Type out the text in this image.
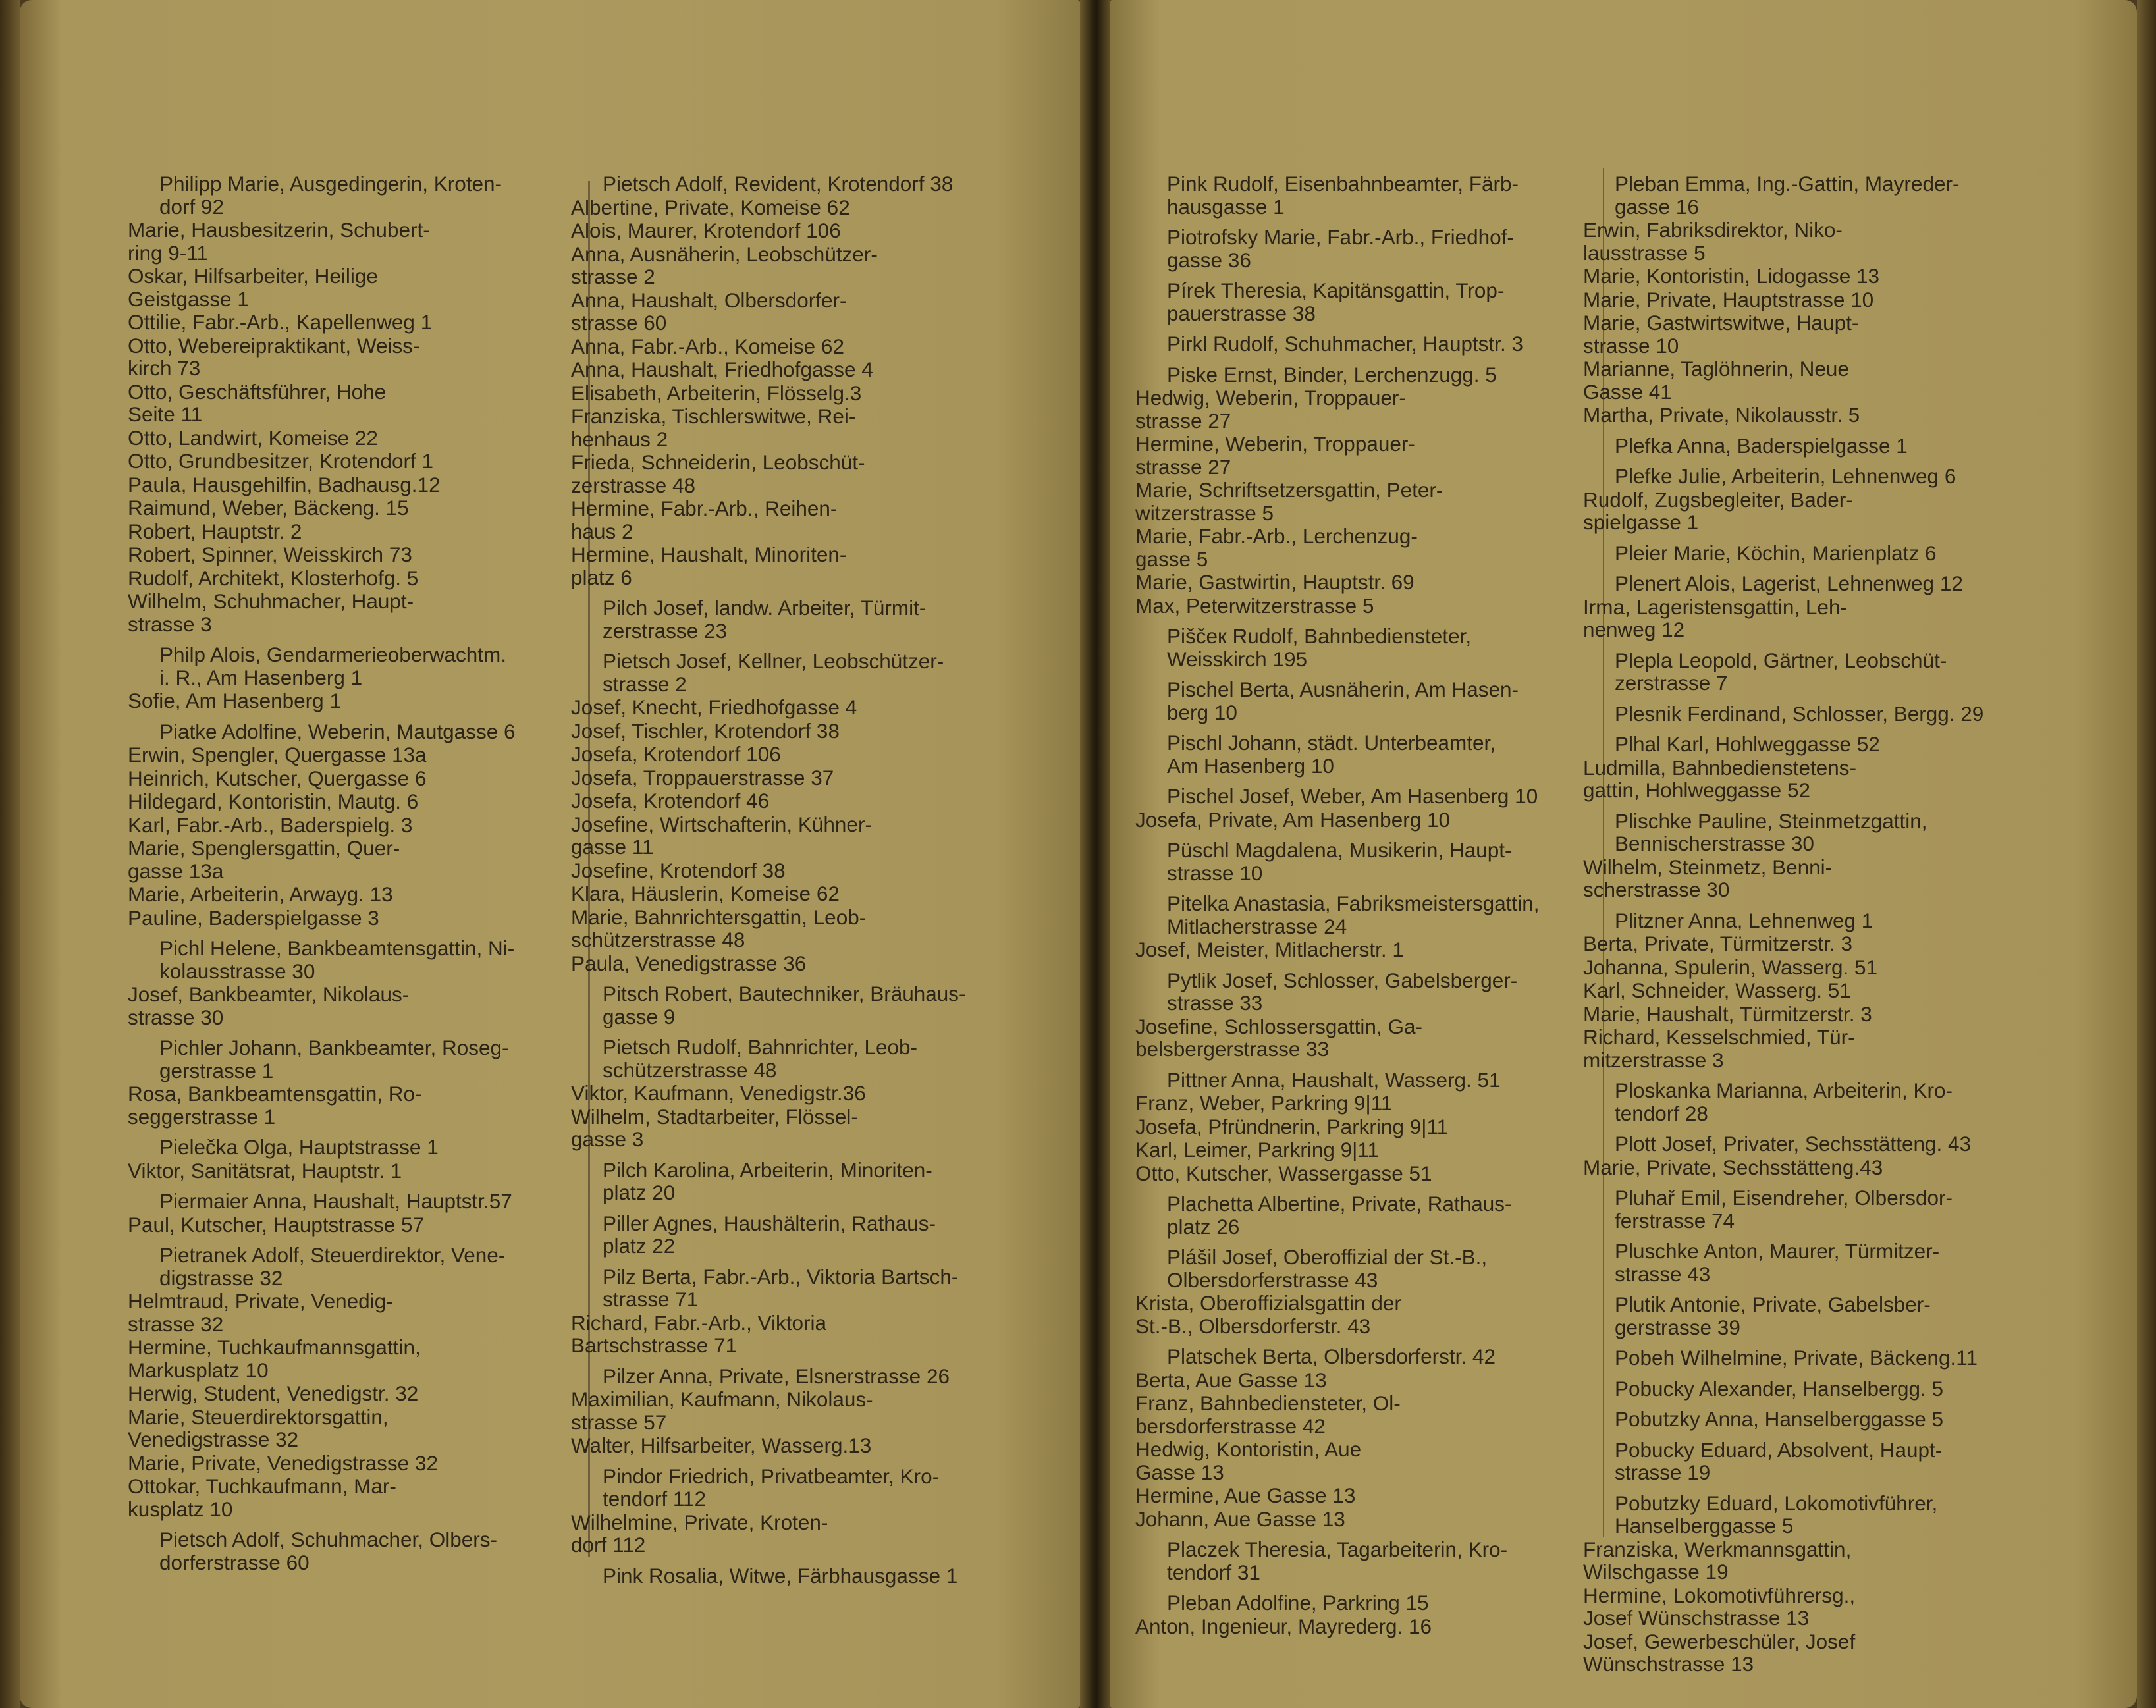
Philipp Marie, Ausgedingerin, Kroten-
dorf 92
Marie, Hausbesitzerin, Schubert-
ring 9-11
Oskar, Hilfsarbeiter, Heilige
Geistgasse 1
Ottilie, Fabr.-Arb., Kapellenweg 1
Otto, Webereipraktikant, Weiss-
kirch 73
Otto, Geschäftsführer, Hohe
Seite 11
Otto, Landwirt, Komeise 22
Otto, Grundbesitzer, Krotendorf 1
Paula, Hausgehilfin, Badhausg.12
Raimund, Weber, Bäckeng. 15
Robert, Hauptstr. 2
Robert, Spinner, Weisskirch 73
Rudolf, Architekt, Klosterhofg. 5
Wilhelm, Schuhmacher, Haupt-
strasse 3
Philp Alois, Gendarmerieoberwachtm.
i. R., Am Hasenberg 1
Sofie, Am Hasenberg 1
Piatke Adolfine, Weberin, Mautgasse 6
Erwin, Spengler, Quergasse 13a
Heinrich, Kutscher, Quergasse 6
Hildegard, Kontoristin, Mautg. 6
Karl, Fabr.-Arb., Baderspielg. 3
Marie, Spenglersgattin, Quer-
gasse 13a
Marie, Arbeiterin, Arwayg. 13
Pauline, Baderspielgasse 3
Pichl Helene, Bankbeamtensgattin, Ni-
kolausstrasse 30
Josef, Bankbeamter, Nikolaus-
strasse 30
Pichler Johann, Bankbeamter, Roseg-
gerstrasse 1
Rosa, Bankbeamtensgattin, Ro-
seggerstrasse 1
Pielečka Olga, Hauptstrasse 1
Viktor, Sanitätsrat, Hauptstr. 1
Piermaier Anna, Haushalt, Hauptstr.57
Paul, Kutscher, Hauptstrasse 57
Pietranek Adolf, Steuerdirektor, Vene-
digstrasse 32
Helmtraud, Private, Venedig-
strasse 32
Hermine, Tuchkaufmannsgattin,
Markusplatz 10
Herwig, Student, Venedigstr. 32
Marie, Steuerdirektorsgattin,
Venedigstrasse 32
Marie, Private, Venedigstrasse 32
Ottokar, Tuchkaufmann, Mar-
kusplatz 10
Pietsch Adolf, Schuhmacher, Olbers-
dorferstrasse 60
Pietsch Adolf, Revident, Krotendorf 38
Albertine, Private, Komeise 62
Alois, Maurer, Krotendorf 106
Anna, Ausnäherin, Leobschützer-
strasse 2
Anna, Haushalt, Olbersdorfer-
strasse 60
Anna, Fabr.-Arb., Komeise 62
Anna, Haushalt, Friedhofgasse 4
Elisabeth, Arbeiterin, Flösselg.3
Franziska, Tischlerswitwe, Rei-
henhaus 2
Frieda, Schneiderin, Leobschüt-
zerstrasse 48
Hermine, Fabr.-Arb., Reihen-
haus 2
Hermine, Haushalt, Minoriten-
platz 6
Pilch Josef, landw. Arbeiter, Türmit-
zerstrasse 23
Pietsch Josef, Kellner, Leobschützer-
strasse 2
Josef, Knecht, Friedhofgasse 4
Josef, Tischler, Krotendorf 38
Josefa, Krotendorf 106
Josefa, Troppauerstrasse 37
Josefa, Krotendorf 46
Josefine, Wirtschafterin, Kühner-
gasse 11
Josefine, Krotendorf 38
Klara, Häuslerin, Komeise 62
Marie, Bahnrichtersgattin, Leob-
schützerstrasse 48
Paula, Venedigstrasse 36
Pitsch Robert, Bautechniker, Bräuhaus-
gasse 9
Pietsch Rudolf, Bahnrichter, Leob-
schützerstrasse 48
Viktor, Kaufmann, Venedigstr.36
Wilhelm, Stadtarbeiter, Flössel-
gasse 3
Pilch Karolina, Arbeiterin, Minoriten-
platz 20
Piller Agnes, Haushälterin, Rathaus-
platz 22
Pilz Berta, Fabr.-Arb., Viktoria Bartsch-
strasse 71
Richard, Fabr.-Arb., Viktoria
Bartschstrasse 71
Pilzer Anna, Private, Elsnerstrasse 26
Maximilian, Kaufmann, Nikolaus-
strasse 57
Walter, Hilfsarbeiter, Wasserg.13
Pindor Friedrich, Privatbeamter, Kro-
tendorf 112
Wilhelmine, Private, Kroten-
dorf 112
Pink Rosalia, Witwe, Färbhausgasse 1
Pink Rudolf, Eisenbahnbeamter, Färb-
hausgasse 1
Piotrofsky Marie, Fabr.-Arb., Friedhof-
gasse 36
Pírek Theresia, Kapitänsgattin, Trop-
pauerstrasse 38
Pirkl Rudolf, Schuhmacher, Hauptstr. 3
Piske Ernst, Binder, Lerchenzugg. 5
Hedwig, Weberin, Troppauer-
strasse 27
Hermine, Weberin, Troppauer-
strasse 27
Marie, Schriftsetzersgattin, Peter-
witzerstrasse 5
Marie, Fabr.-Arb., Lerchenzug-
gasse 5
Marie, Gastwirtin, Hauptstr. 69
Max, Peterwitzerstrasse 5
Piščeк Rudolf, Bahnbediensteter,
Weisskirch 195
Pischel Berta, Ausnäherin, Am Hasen-
berg 10
Pischl Johann, städt. Unterbeamter,
Am Hasenberg 10
Pischel Josef, Weber, Am Hasenberg 10
Josefa, Private, Am Hasenberg 10
Püschl Magdalena, Musikerin, Haupt-
strasse 10
Pitelka Anastasia, Fabriksmeistersgattin,
Mitlacherstrasse 24
Josef, Meister, Mitlacherstr. 1
Pytlik Josef, Schlosser, Gabelsberger-
strasse 33
Josefine, Schlossersgattin, Ga-
belsbergerstrasse 33
Pittner Anna, Haushalt, Wasserg. 51
Franz, Weber, Parkring 9|11
Josefa, Pfründnerin, Parkring 9|11
Karl, Leimer, Parkring 9|11
Otto, Kutscher, Wassergasse 51
Plachetta Albertine, Private, Rathaus-
platz 26
Plášil Josef, Oberoffizial der St.-B.,
Olbersdorferstrasse 43
Krista, Oberoffizialsgattin der
St.-B., Olbersdorferstr. 43
Platschek Berta, Olbersdorferstr. 42
Berta, Aue Gasse 13
Franz, Bahnbediensteter, Ol-
bersdorferstrasse 42
Hedwig, Kontoristin, Aue
Gasse 13
Hermine, Aue Gasse 13
Johann, Aue Gasse 13
Placzek Theresia, Tagarbeiterin, Kro-
tendorf 31
Pleban Adolfine, Parkring 15
Anton, Ingenieur, Mayrederg. 16
Pleban Emma, Ing.-Gattin, Mayreder-
gasse 16
Erwin, Fabriksdirektor, Niko-
lausstrasse 5
Marie, Kontoristin, Lidogasse 13
Marie, Private, Hauptstrasse 10
Marie, Gastwirtswitwe, Haupt-
strasse 10
Marianne, Taglöhnerin, Neue
Gasse 41
Martha, Private, Nikolausstr. 5
Plefka Anna, Baderspielgasse 1
Plefke Julie, Arbeiterin, Lehnenweg 6
Rudolf, Zugsbegleiter, Bader-
spielgasse 1
Pleier Marie, Köchin, Marienplatz 6
Plenert Alois, Lagerist, Lehnenweg 12
Irma, Lageristensgattin, Leh-
nenweg 12
Plepla Leopold, Gärtner, Leobschüt-
zerstrasse 7
Plesnik Ferdinand, Schlosser, Bergg. 29
Plhal Karl, Hohlweggasse 52
Ludmilla, Bahnbedienstetens-
gattin, Hohlweggasse 52
Plischke Pauline, Steinmetzgattin,
Bennischerstrasse 30
Wilhelm, Steinmetz, Benni-
scherstrasse 30
Plitzner Anna, Lehnenweg 1
Berta, Private, Türmitzerstr. 3
Johanna, Spulerin, Wasserg. 51
Karl, Schneider, Wasserg. 51
Marie, Haushalt, Türmitzerstr. 3
Richard, Kesselschmied, Tür-
mitzerstrasse 3
Ploskanka Marianna, Arbeiterin, Kro-
tendorf 28
Plott Josef, Privater, Sechsstätteng. 43
Marie, Private, Sechsstätteng.43
Pluhař Emil, Eisendreher, Olbersdor-
ferstrasse 74
Pluschke Anton, Maurer, Türmitzer-
strasse 43
Plutik Antonie, Private, Gabelsber-
gerstrasse 39
Pobeh Wilhelmine, Private, Bäckeng.11
Pobucky Alexander, Hanselbergg. 5
Pobutzky Anna, Hanselberggasse 5
Pobucky Eduard, Absolvent, Haupt-
strasse 19
Pobutzky Eduard, Lokomotivführer,
Hanselberggasse 5
Franziska, Werkmannsgattin,
Wilschgasse 19
Hermine, Lokomotivführersg.,
Josef Wünschstrasse 13
Josef, Gewerbeschüler, Josef
Wünschstrasse 13
